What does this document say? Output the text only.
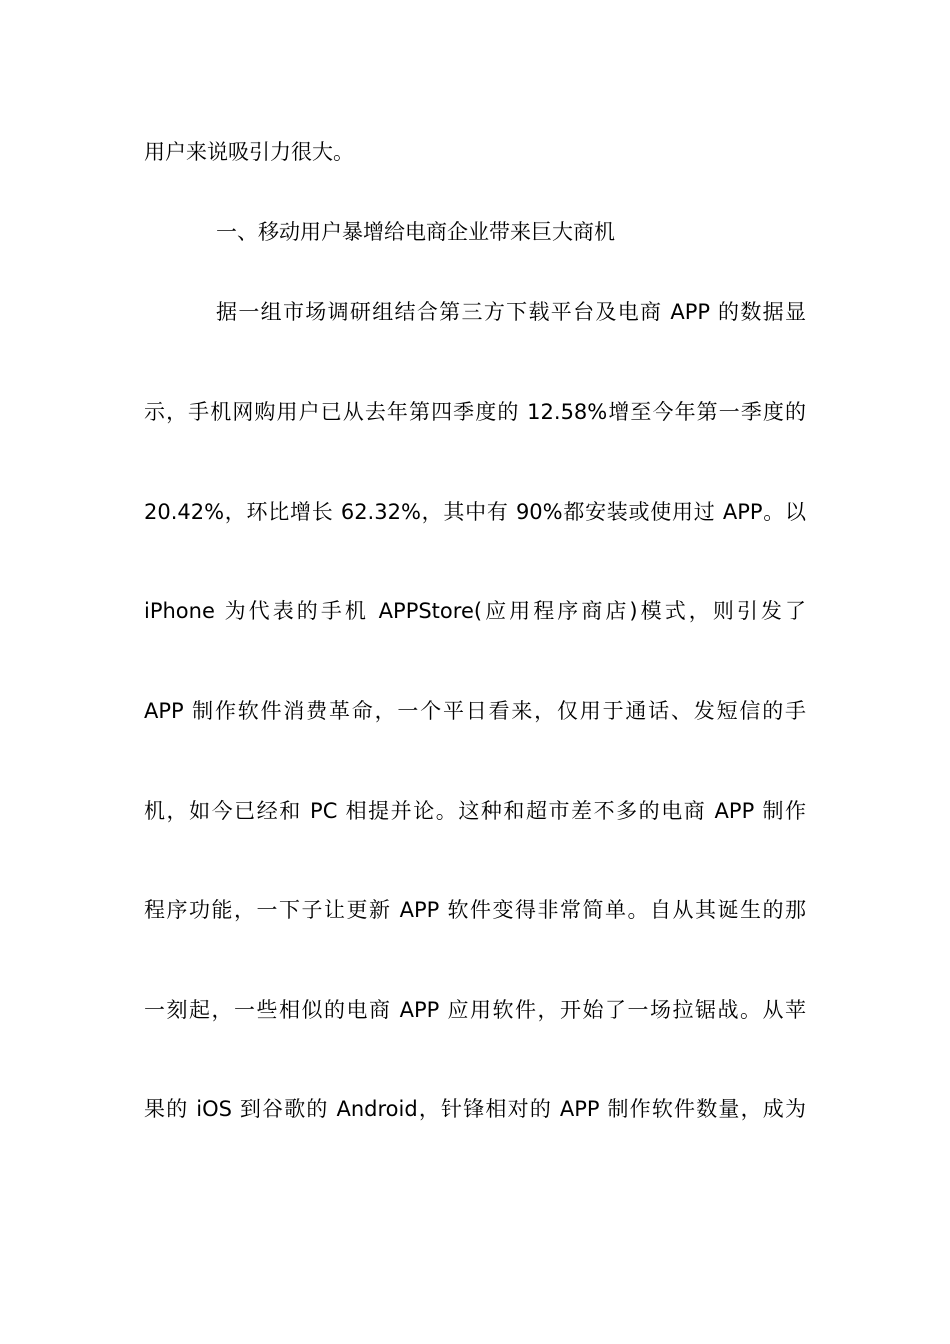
用户来说吸引力很大。
一、移动用户暴增给电商企业带来巨大商机
据一组市场调研组结合第三方下载平台及电商 APP 的数据显
示，手机网购用户已从去年第四季度的 12.58%增至今年第一季度的
20.42%，环比增长 62.32%，其中有 90%都安装或使用过 APP。以
iPhone 为代表的手机 APPStore(应用程序商店)模式，则引发了
APP 制作软件消费革命，一个平日看来，仅用于通话、发短信的手
机，如今已经和 PC 相提并论。这种和超市差不多的电商 APP 制作
程序功能，一下子让更新 APP 软件变得非常简单。自从其诞生的那
一刻起，一些相似的电商 APP 应用软件，开始了一场拉锯战。从苹
果的 iOS 到谷歌的 Android，针锋相对的 APP 制作软件数量，成为
